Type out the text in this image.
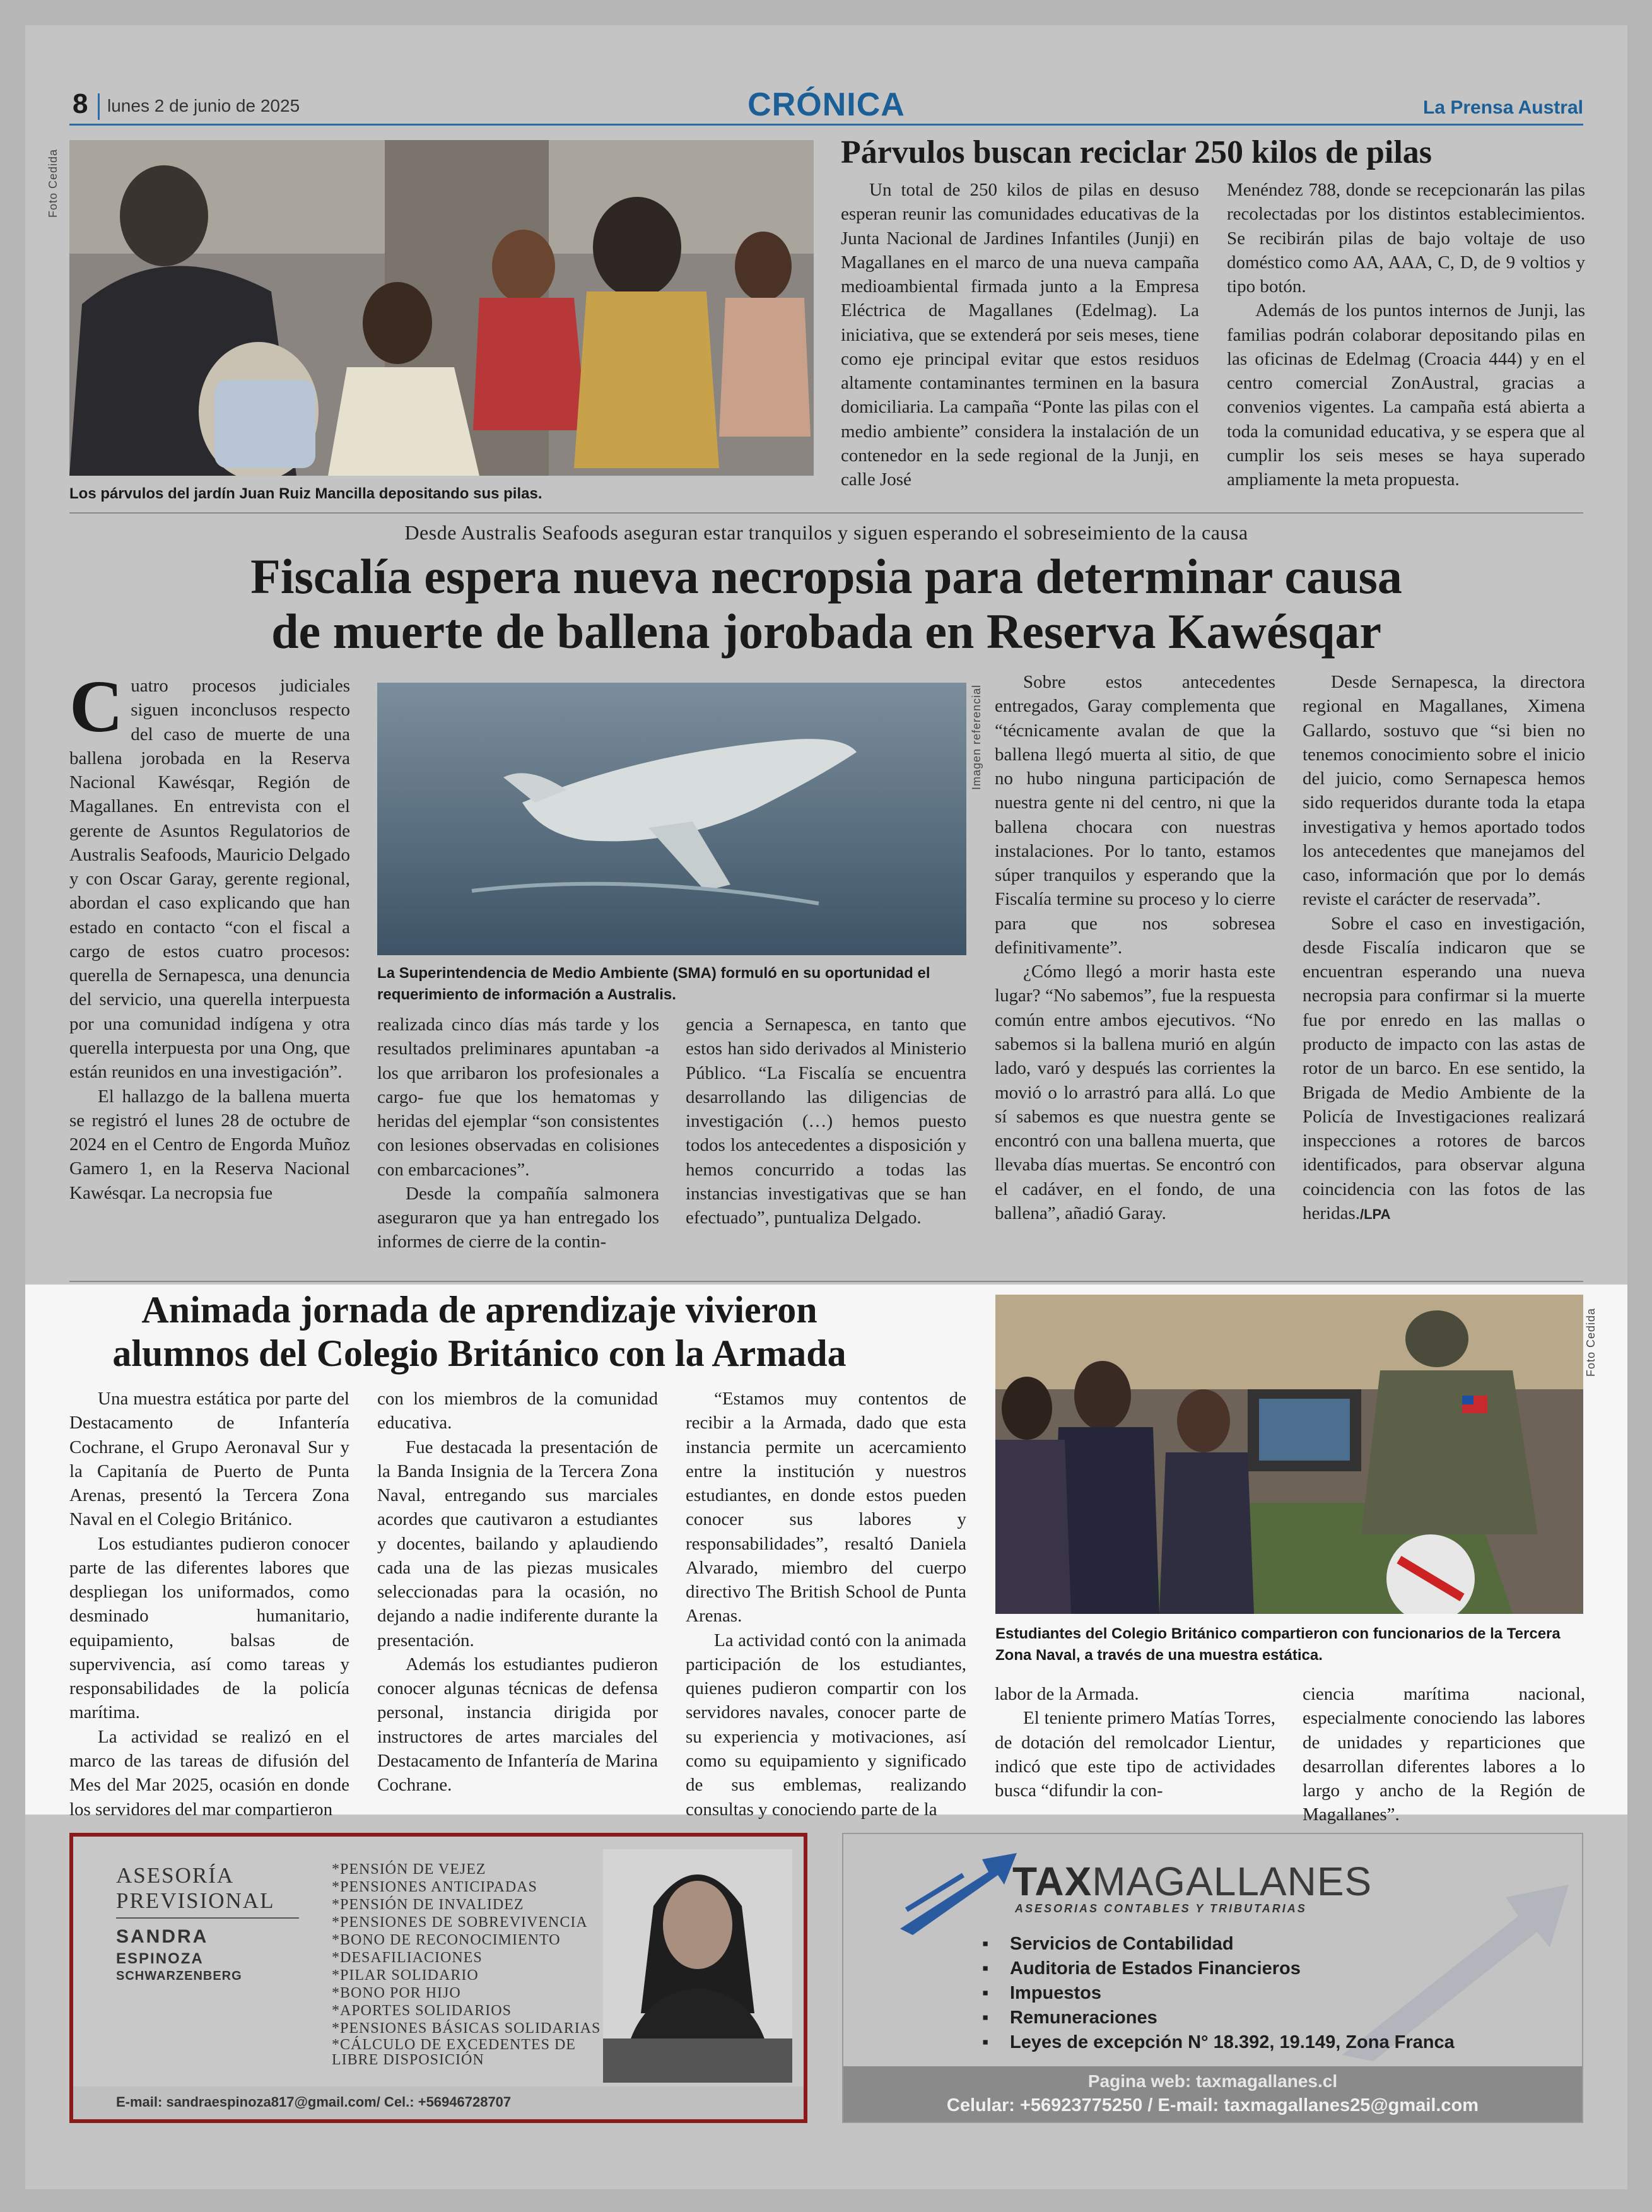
8 lunes 2 de junio de 2025	CRÓNICA	La Prensa Austral
Foto Cedida
Los párvulos del jardín Juan Ruiz Mancilla depositando sus pilas.
Párvulos buscan reciclar 250 kilos de pilas

Un total de 250 kilos de pilas en desuso esperan reunir las comunidades educativas de la Junta Nacional de Jardines Infantiles (Junji) en Magallanes en el marco de una nueva campaña medioambiental firmada junto a la Empresa Eléctrica de Magallanes (Edelmag). La iniciativa, que se extenderá por seis meses, tiene como eje principal evitar que estos residuos altamente contaminantes terminen en la basura domiciliaria. La campaña “Ponte las pilas con el medio ambiente” considera la instalación de un contenedor en la sede regional de la Junji, en calle José

Menéndez 788, donde se recepcionarán las pilas recolectadas por los distintos establecimientos. Se recibirán pilas de bajo voltaje de uso doméstico como AA, AAA, C, D, de 9 voltios y tipo botón.

Además de los puntos internos de Junji, las familias podrán colaborar depositando pilas en las oficinas de Edelmag (Croacia 444) y en el centro comercial ZonAustral, gracias a convenios vigentes. La campaña está abierta a toda la comunidad educativa, y se espera que al cumplir los seis meses se haya superado ampliamente la meta propuesta.

Desde Australis Seafoods aseguran estar tranquilos y siguen esperando el sobreseimiento de la causa
Fiscalía espera nueva necropsia para determinar causa
de muerte de ballena jorobada en Reserva Kawésqar

Cuatro procesos judiciales siguen inconclusos respecto del caso de muerte de una ballena jorobada en la Reserva Nacional Kawésqar, Región de Magallanes. En entrevista con el gerente de Asuntos Regulatorios de Australis Seafoods, Mauricio Delgado y con Oscar Garay, gerente regional, abordan el caso explicando que han estado en contacto “con el fiscal a cargo de estos cuatro procesos: querella de Sernapesca, una denuncia del servicio, una querella interpuesta por una comunidad indígena y otra querella interpuesta por una Ong, que están reunidos en una investigación”.

El hallazgo de la ballena muerta se registró el lunes 28 de octubre de 2024 en el Centro de Engorda Muñoz Gamero 1, en la Reserva Nacional Kawésqar. La necropsia fue

Imagen referencial
La Superintendencia de Medio Ambiente (SMA) formuló en su oportunidad el requerimiento de información a Australis.

realizada cinco días más tarde y los resultados preliminares apuntaban -a los que arribaron los profesionales a cargo- fue que los hematomas y heridas del ejemplar “son consistentes con lesiones observadas en colisiones con embarcaciones”.

Desde la compañía salmonera aseguraron que ya han entregado los informes de cierre de la contin-

gencia a Sernapesca, en tanto que estos han sido derivados al Ministerio Público. “La Fiscalía se encuentra desarrollando las diligencias de investigación (…) hemos puesto todos los antecedentes a disposición y hemos concurrido a todas las instancias investigativas que se han efectuado”, puntualiza Delgado.

Sobre estos antecedentes entregados, Garay complementa que “técnicamente avalan de que la ballena llegó muerta al sitio, de que no hubo ninguna participación de nuestra gente ni del centro, ni que la ballena chocara con nuestras instalaciones. Por lo tanto, estamos súper tranquilos y esperando que la Fiscalía termine su proceso y lo cierre para que nos sobresea definitivamente”.

¿Cómo llegó a morir hasta este lugar? “No sabemos”, fue la respuesta común entre ambos ejecutivos. “No sabemos si la ballena murió en algún lado, varó y después las corrientes la movió o lo arrastró para allá. Lo que sí sabemos es que nuestra gente se encontró con una ballena muerta, que llevaba días muertas. Se encontró con el cadáver, en el fondo, de una ballena”, añadió Garay.

Desde Sernapesca, la directora regional en Magallanes, Ximena Gallardo, sostuvo que “si bien no tenemos conocimiento sobre el inicio del juicio, como Sernapesca hemos sido requeridos durante toda la etapa investigativa y hemos aportado todos los antecedentes que manejamos del caso, información que por lo demás reviste el carácter de reservada”.

Sobre el caso en investigación, desde Fiscalía indicaron que se encuentran esperando una nueva necropsia para confirmar si la muerte fue por enredo en las mallas o producto de impacto con las astas de rotor de un barco. En ese sentido, la Brigada de Medio Ambiente de la Policía de Investigaciones realizará inspecciones a rotores de barcos identificados, para observar alguna coincidencia con las fotos de las heridas./LPA

Animada jornada de aprendizaje vivieron
alumnos del Colegio Británico con la Armada	Foto Cedida
Estudiantes del Colegio Británico compartieron con funcionarios de la Tercera Zona Naval, a través de una muestra estática.

Una muestra estática por parte del Destacamento de Infantería Cochrane, el Grupo Aeronaval Sur y la Capitanía de Puerto de Punta Arenas, presentó la Tercera Zona Naval en el Colegio Británico.

Los estudiantes pudieron conocer parte de las diferentes labores que despliegan los uniformados, como desminado humanitario, equipamiento, balsas de supervivencia, así como tareas y responsabilidades de la policía marítima.

La actividad se realizó en el marco de las tareas de difusión del Mes del Mar 2025, ocasión en donde los servidores del mar compartieron

con los miembros de la comunidad educativa.

Fue destacada la presentación de la Banda Insignia de la Tercera Zona Naval, entregando sus marciales acordes que cautivaron a estudiantes y docentes, bailando y aplaudiendo cada una de las piezas musicales seleccionadas para la ocasión, no dejando a nadie indiferente durante la presentación.

Además los estudiantes pudieron conocer algunas técnicas de defensa personal, instancia dirigida por instructores de artes marciales del Destacamento de Infantería de Marina Cochrane.

“Estamos muy contentos de recibir a la Armada, dado que esta instancia permite un acercamiento entre la institución y nuestros estudiantes, en donde estos pueden conocer sus labores y responsabilidades”, resaltó Daniela Alvarado, miembro del cuerpo directivo The British School de Punta Arenas.

La actividad contó con la animada participación de los estudiantes, quienes pudieron compartir con los servidores navales, conocer parte de su experiencia y motivaciones, así como su equipamiento y significado de sus emblemas, realizando consultas y conociendo parte de la

labor de la Armada.

El teniente primero Matías Torres, de dotación del remolcador Lientur, indicó que este tipo de actividades busca “difundir la con-

ciencia marítima nacional, especialmente conociendo las labores de unidades y reparticiones que desarrollan diferentes labores a lo largo y ancho de la Región de Magallanes”.

ASESORÍA
PREVISIONAL
SANDRA
ESPINOZA
SCHWARZENBERG
*PENSIÓN DE VEJEZ
*PENSIONES ANTICIPADAS
*PENSIÓN DE INVALIDEZ
*PENSIONES DE SOBREVIVENCIA
*BONO DE RECONOCIMIENTO
*DESAFILIACIONES
*PILAR SOLIDARIO
*BONO POR HIJO
*APORTES SOLIDARIOS
*PENSIONES BÁSICAS SOLIDARIAS
*CÁLCULO DE EXCEDENTES DE LIBRE DISPOSICIÓN
E-mail: sandraespinoza817@gmail.com/ Cel.: +56946728707
TAXMAGALLANES
ASESORIAS CONTABLES Y TRIBUTARIAS
▪ Servicios de Contabilidad
▪ Auditoria de Estados Financieros
▪ Impuestos
▪ Remuneraciones
▪ Leyes de excepción N° 18.392, 19.149, Zona Franca
Pagina web: taxmagallanes.cl
Celular: +56923775250 / E-mail: taxmagallanes25@gmail.com
